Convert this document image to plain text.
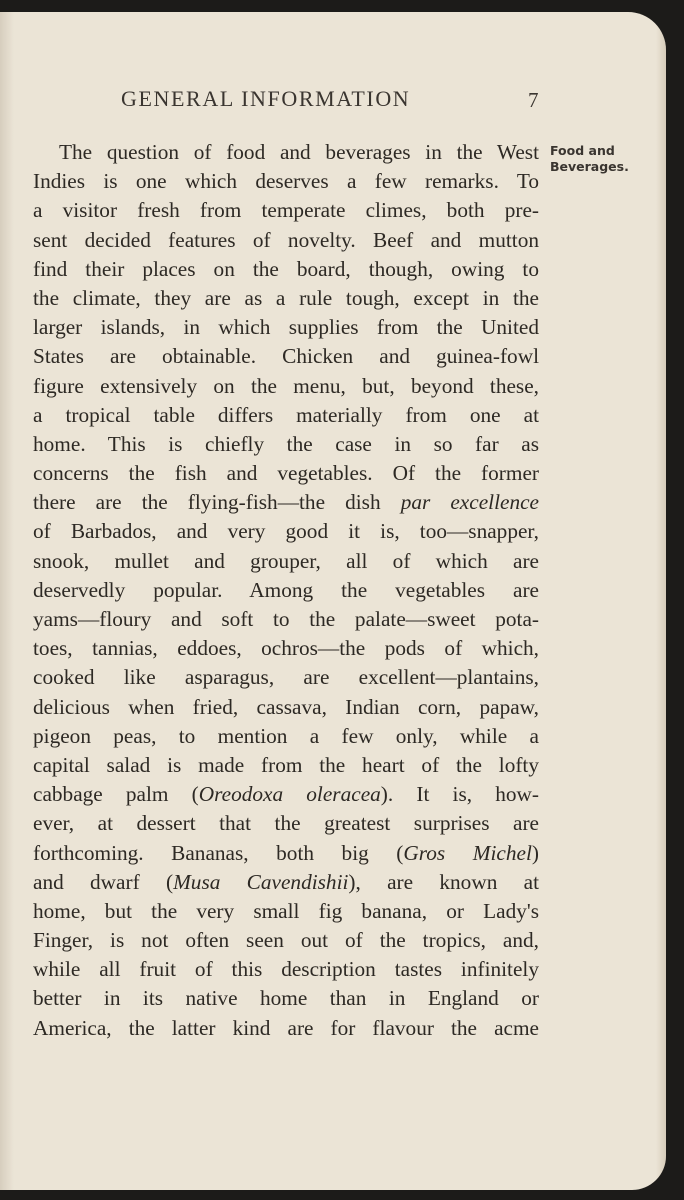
GENERAL INFORMATION	7
Food and
Beverages.
The question of food and beverages in the West
Indies is one which deserves a few remarks. To
a visitor fresh from temperate climes, both pre-
sent decided features of novelty. Beef and mutton
find their places on the board, though, owing to
the climate, they are as a rule tough, except in the
larger islands, in which supplies from the United
States are obtainable. Chicken and guinea-fowl
figure extensively on the menu, but, beyond these,
a tropical table differs materially from one at
home. This is chiefly the case in so far as
concerns the fish and vegetables. Of the former
there are the flying-fish—the dish par excellence
of Barbados, and very good it is, too—snapper,
snook, mullet and grouper, all of which are
deservedly popular. Among the vegetables are
yams—floury and soft to the palate—sweet pota-
toes, tannias, eddoes, ochros—the pods of which,
cooked like asparagus, are excellent—plantains,
delicious when fried, cassava, Indian corn, papaw,
pigeon peas, to mention a few only, while a
capital salad is made from the heart of the lofty
cabbage palm (Oreodoxa oleracea). It is, how-
ever, at dessert that the greatest surprises are
forthcoming. Bananas, both big (Gros Michel)
and dwarf (Musa Cavendishii), are known at
home, but the very small fig banana, or Lady's
Finger, is not often seen out of the tropics, and,
while all fruit of this description tastes infinitely
better in its native home than in England or
America, the latter kind are for flavour the acme
